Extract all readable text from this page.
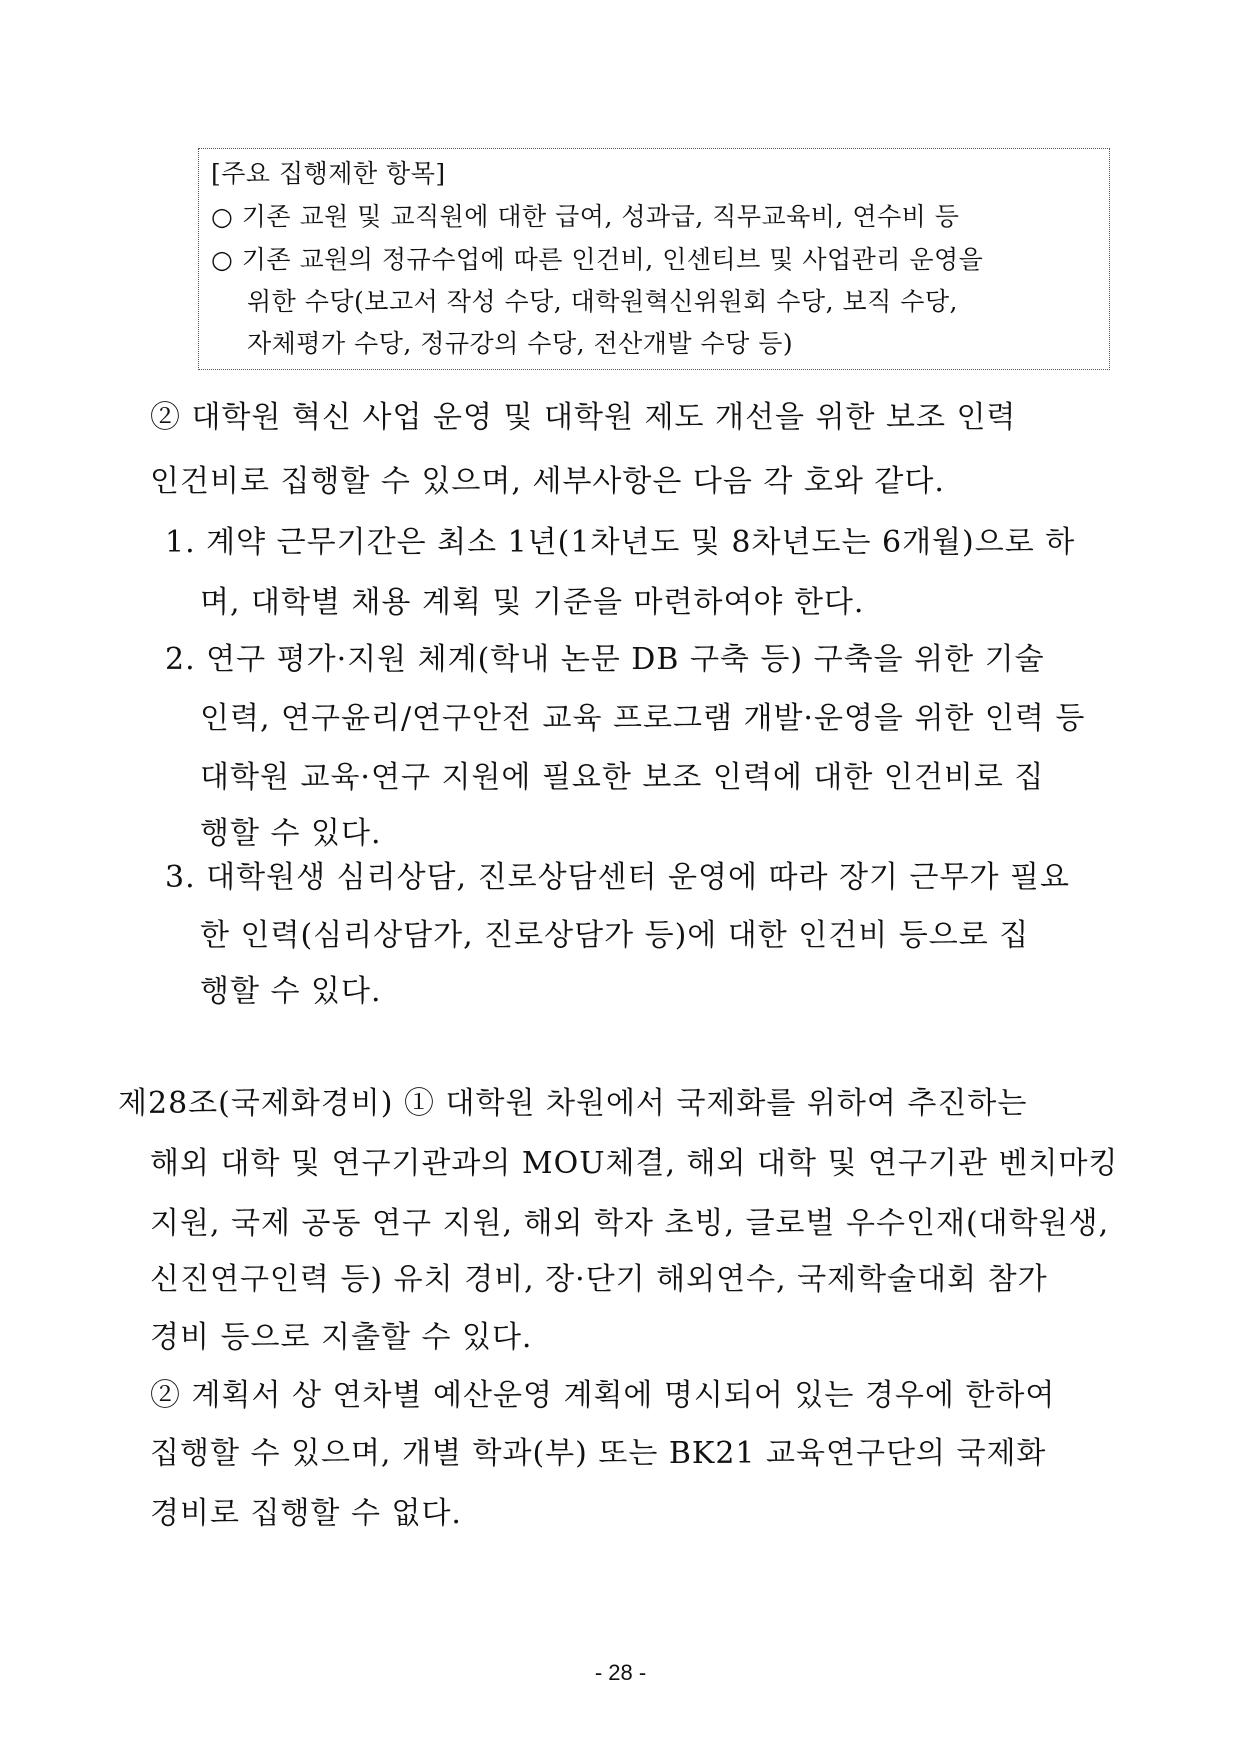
[주요 집행제한 항목]
○ 기존 교원 및 교직원에 대한 급여, 성과급, 직무교육비, 연수비 등
○ 기존 교원의 정규수업에 따른 인건비, 인센티브 및 사업관리 운영을
위한 수당(보고서 작성 수당, 대학원혁신위원회 수당, 보직 수당,
자체평가 수당, 정규강의 수당, 전산개발 수당 등)
② 대학원 혁신 사업 운영 및 대학원 제도 개선을 위한 보조 인력
인건비로 집행할 수 있으며, 세부사항은 다음 각 호와 같다.
1. 계약 근무기간은 최소 1년(1차년도 및 8차년도는 6개월)으로 하
며, 대학별 채용 계획 및 기준을 마련하여야 한다.
2. 연구 평가·지원 체계(학내 논문 DB 구축 등) 구축을 위한 기술
인력, 연구윤리/연구안전 교육 프로그램 개발·운영을 위한 인력 등
대학원 교육·연구 지원에 필요한 보조 인력에 대한 인건비로 집
행할 수 있다.
3. 대학원생 심리상담, 진로상담센터 운영에 따라 장기 근무가 필요
한 인력(심리상담가, 진로상담가 등)에 대한 인건비 등으로 집
행할 수 있다.
제28조(국제화경비) ① 대학원 차원에서 국제화를 위하여 추진하는
해외 대학 및 연구기관과의 MOU체결, 해외 대학 및 연구기관 벤치마킹
지원, 국제 공동 연구 지원, 해외 학자 초빙, 글로벌 우수인재(대학원생,
신진연구인력 등) 유치 경비, 장·단기 해외연수, 국제학술대회 참가
경비 등으로 지출할 수 있다.
② 계획서 상 연차별 예산운영 계획에 명시되어 있는 경우에 한하여
집행할 수 있으며, 개별 학과(부) 또는 BK21 교육연구단의 국제화
경비로 집행할 수 없다.
- 28 -
